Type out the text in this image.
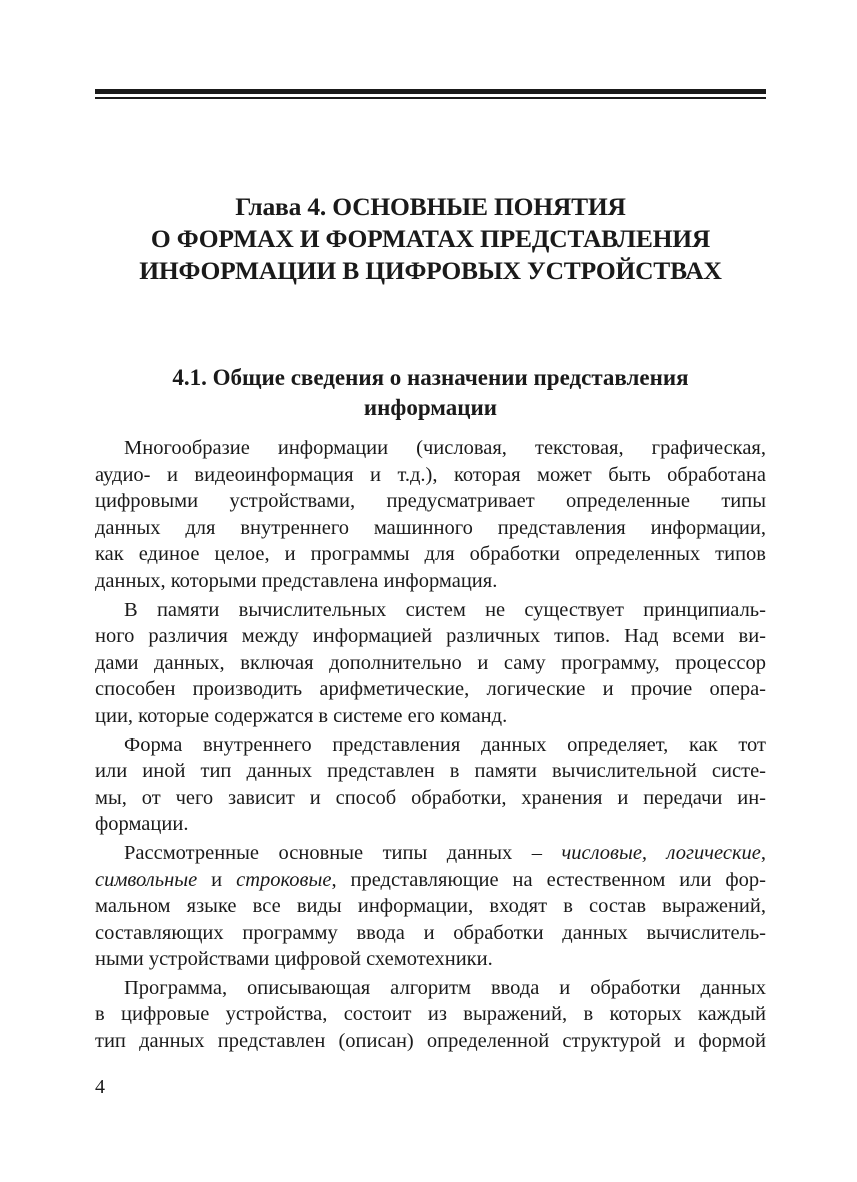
Глава 4. ОСНОВНЫЕ ПОНЯТИЯ
О ФОРМАХ И ФОРМАТАХ ПРЕДСТАВЛЕНИЯ
ИНФОРМАЦИИ В ЦИФРОВЫХ УСТРОЙСТВАХ
4.1. Общие сведения о назначении представления
информации
Многообразие информации (числовая, текстовая, графическая,
аудио- и видеоинформация и т.д.), которая может быть обработана
цифровыми устройствами, предусматривает определенные типы
данных для внутреннего машинного представления информации,
как единое целое, и программы для обработки определенных типов
данных, которыми представлена информация.
В памяти вычислительных систем не существует принципиаль-
ного различия между информацией различных типов. Над всеми ви-
дами данных, включая дополнительно и саму программу, процессор
способен производить арифметические, логические и прочие опера-
ции, которые содержатся в системе его команд.
Форма внутреннего представления данных определяет, как тот
или иной тип данных представлен в памяти вычислительной систе-
мы, от чего зависит и способ обработки, хранения и передачи ин-
формации.
Рассмотренные основные типы данных – числовые, логические,
символьные и строковые, представляющие на естественном или фор-
мальном языке все виды информации, входят в состав выражений,
составляющих программу ввода и обработки данных вычислитель-
ными устройствами цифровой схемотехники.
Программа, описывающая алгоритм ввода и обработки данных
в цифровые устройства, состоит из выражений, в которых каждый
тип данных представлен (описан) определенной структурой и формой
4
